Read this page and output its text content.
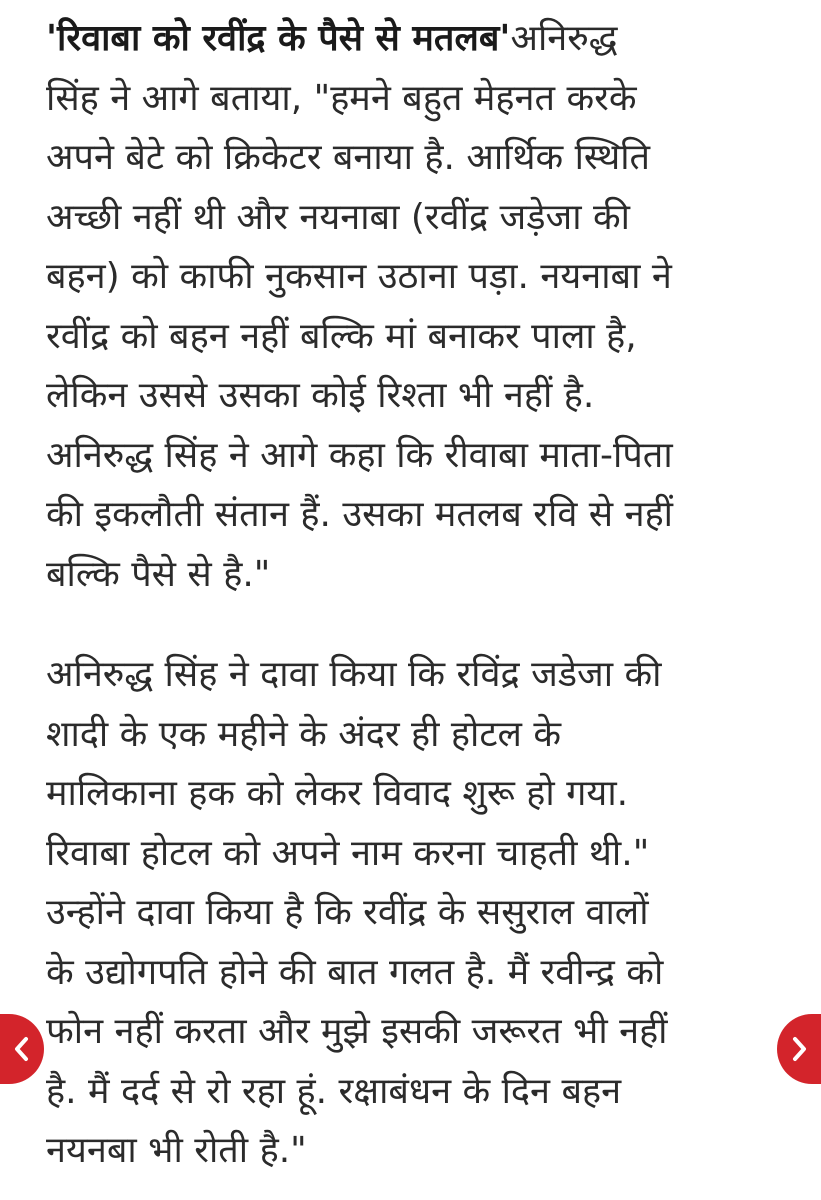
'रिवाबा को रवींद्र के पैसे से मतलब'अनिरुद्ध
सिंह ने आगे बताया, "हमने बहुत मेहनत करके
अपने बेटे को क्रिकेटर बनाया है. आर्थिक स्थिति
अच्छी नहीं थी और नयनाबा (रवींद्र जड़ेजा की
बहन) को काफी नुकसान उठाना पड़ा. नयनाबा ने
रवींद्र को बहन नहीं बल्कि मां बनाकर पाला है,
लेकिन उससे उसका कोई रिश्ता भी नहीं है.
अनिरुद्ध सिंह ने आगे कहा कि रीवाबा माता-पिता
की इकलौती संतान हैं. उसका मतलब रवि से नहीं
बल्कि पैसे से है."

अनिरुद्ध सिंह ने दावा किया कि रविंद्र जडेजा की
शादी के एक महीने के अंदर ही होटल के
मालिकाना हक को लेकर विवाद शुरू हो गया.
रिवाबा होटल को अपने नाम करना चाहती थी."
उन्होंने दावा किया है कि रवींद्र के ससुराल वालों
के उद्योगपति होने की बात गलत है. मैं रवीन्द्र को
फोन नहीं करता और मुझे इसकी जरूरत भी नहीं
है. मैं दर्द से रो रहा हूं. रक्षाबंधन के दिन बहन
नयनबा भी रोती है."
